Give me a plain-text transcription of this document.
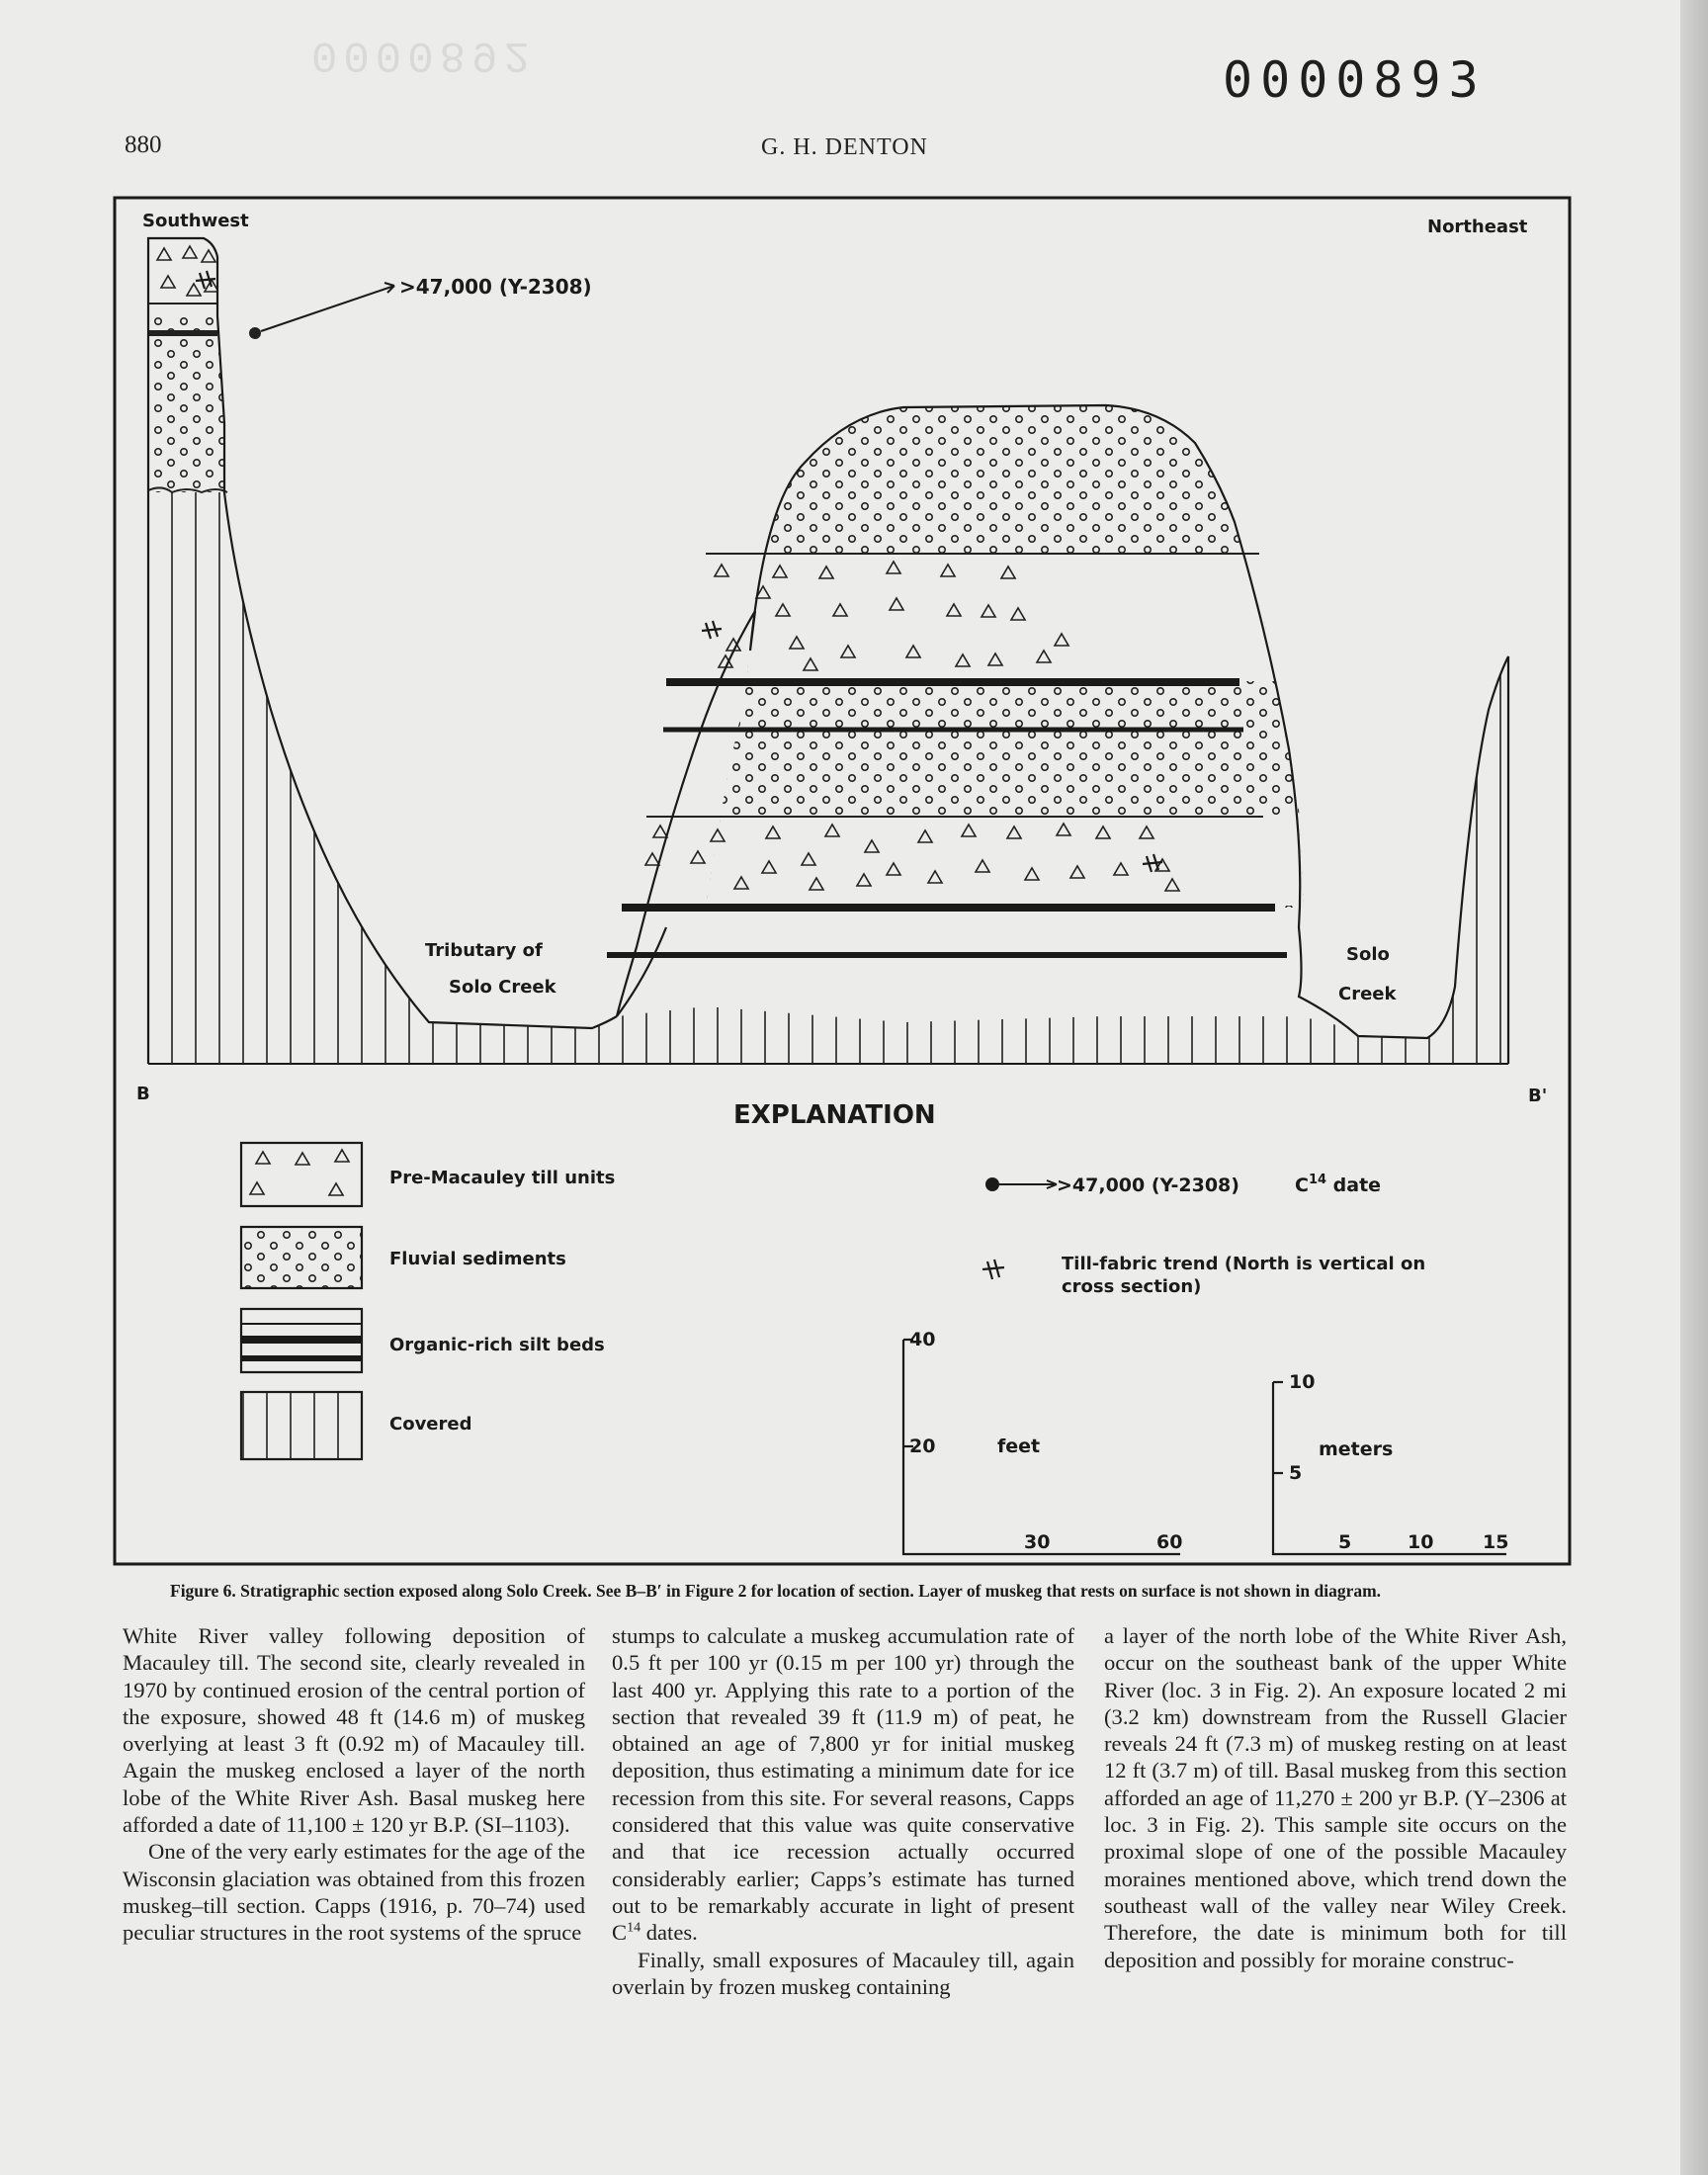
0000892	0000893
880	G. H. DENTON
Southwest	Northeast
>47,000 (Y-2308)
Tributary of
Solo Creek
Solo
Creek
B	B'
EXPLANATION
Pre-Macauley till units
Fluvial sediments
Organic-rich silt beds
Covered
>47,000 (Y-2308)	$C^{14}$ date
Till-fabric trend (North is vertical on
cross section)
40
20	feet
30	60
10
5
meters
5	10	15
Figure 6. Stratigraphic section exposed along Solo Creek. See B–B′ in Figure 2 for location of section. Layer of muskeg that rests on surface is not shown in diagram.

White River valley following deposition of Macauley till. The second site, clearly revealed in 1970 by continued erosion of the central portion of the exposure, showed 48 ft (14.6 m) of muskeg overlying at least 3 ft (0.92 m) of Macauley till. Again the muskeg enclosed a layer of the north lobe of the White River Ash. Basal muskeg here afforded a date of 11,100 ± 120 yr B.P. (SI–1103).

One of the very early estimates for the age of the Wisconsin glaciation was obtained from this frozen muskeg–till section. Capps (1916, p. 70–74) used peculiar structures in the root systems of the spruce

stumps to calculate a muskeg accumulation rate of 0.5 ft per 100 yr (0.15 m per 100 yr) through the last 400 yr. Applying this rate to a portion of the section that revealed 39 ft (11.9 m) of peat, he obtained an age of 7,800 yr for initial muskeg deposition, thus estimating a minimum date for ice recession from this site. For several reasons, Capps considered that this value was quite conservative and that ice recession actually occurred considerably earlier; Capps’s estimate has turned out to be remarkably accurate in light of present $C^{14}$ dates.

Finally, small exposures of Macauley till, again overlain by frozen muskeg containing

a layer of the north lobe of the White River Ash, occur on the southeast bank of the upper White River (loc. 3 in Fig. 2). An exposure located 2 mi (3.2 km) downstream from the Russell Glacier reveals 24 ft (7.3 m) of muskeg resting on at least 12 ft (3.7 m) of till. Basal muskeg from this section afforded an age of 11,270 ± 200 yr B.P. (Y–2306 at loc. 3 in Fig. 2). This sample site occurs on the proximal slope of one of the possible Macauley moraines mentioned above, which trend down the southeast wall of the valley near Wiley Creek. Therefore, the date is minimum both for till deposition and possibly for moraine construc-
